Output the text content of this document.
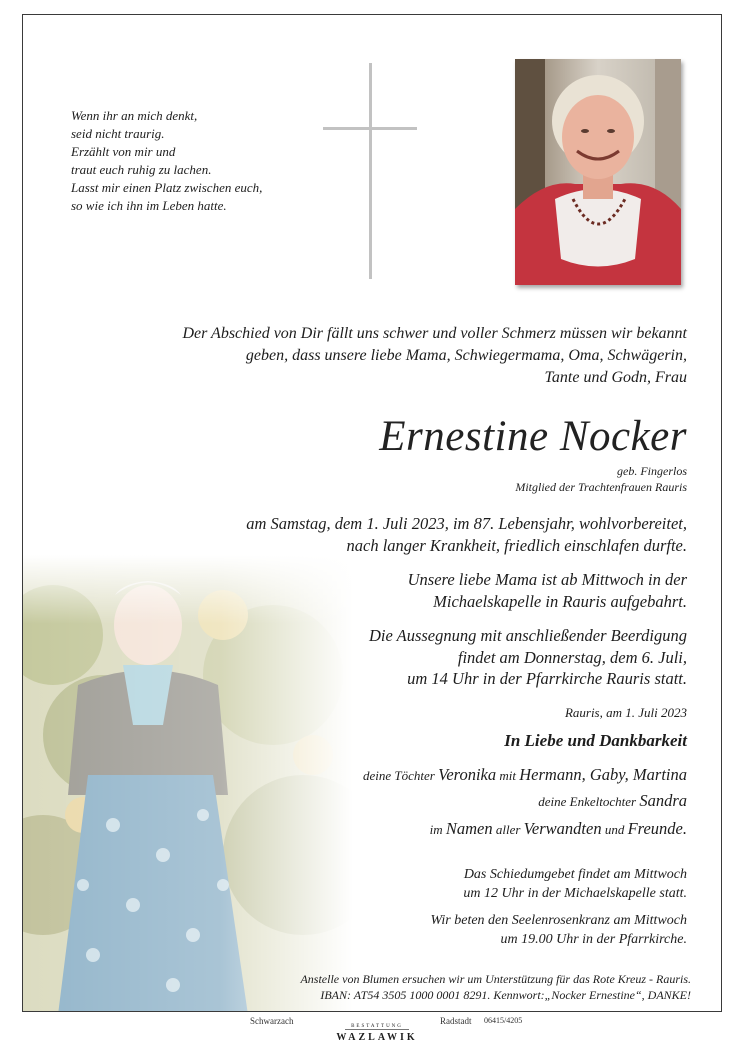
Wenn ihr an mich denkt,
seid nicht traurig.
Erzählt von mir und
traut euch ruhig zu lachen.
Lasst mir einen Platz zwischen euch,
so wie ich ihn im Leben hatte.
Der Abschied von Dir fällt uns schwer und voller Schmerz müssen wir bekannt
geben, dass unsere liebe Mama, Schwiegermama, Oma, Schwägerin,
Tante und Godn, Frau
Ernestine Nocker
geb. Fingerlos
Mitglied der Trachtenfrauen Rauris
am Samstag, dem 1. Juli 2023, im 87. Lebensjahr, wohlvorbereitet,
nach langer Krankheit, friedlich einschlafen durfte.
Unsere liebe Mama ist ab Mittwoch in der
Michaelskapelle in Rauris aufgebahrt.
Die Aussegnung mit anschließender Beerdigung
findet am Donnerstag, dem 6. Juli,
um 14 Uhr in der Pfarrkirche Rauris statt.
Rauris, am 1. Juli 2023
In Liebe und Dankbarkeit
deine Töchter Veronika mit Hermann, Gaby, Martina
deine Enkeltochter Sandra
im Namen aller Verwandten und Freunde.
Das Schiedumgebet findet am Mittwoch
um 12 Uhr in der Michaelskapelle statt.
Wir beten den Seelenrosenkranz am Mittwoch
um 19.00 Uhr in der Pfarrkirche.
Anstelle von Blumen ersuchen wir um Unterstützung für das Rote Kreuz - Rauris.
IBAN: AT54 3505 1000 0001 8291. Kennwort:„Nocker Ernestine“, DANKE!
Schwarzach
BESTATTUNG
WAZLAWIK
Radstadt 06415/4205
